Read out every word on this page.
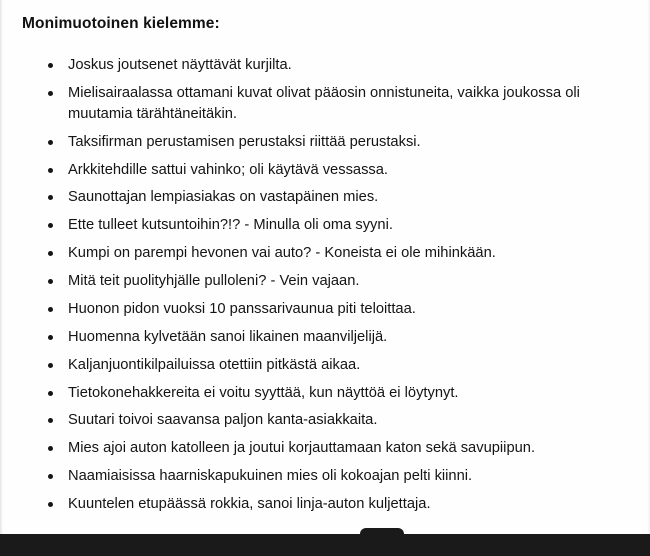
Monimuotoinen kielemme:
Joskus joutsenet näyttävät kurjilta.
Mielisairaalassa ottamani kuvat olivat pääosin onnistuneita, vaikka joukossa oli muutamia tärähtäneitäkin.
Taksifirman perustamisen perustaksi riittää perustaksi.
Arkkitehdille sattui vahinko; oli käytävä vessassa.
Saunottajan lempiasiakas on vastapäinen mies.
Ette tulleet kutsuntoihin?!? - Minulla oli oma syyni.
Kumpi on parempi hevonen vai auto? - Koneista ei ole mihinkään.
Mitä teit puolityhjälle pulloleni? - Vein vajaan.
Huonon pidon vuoksi 10 panssarivaunua piti teloittaa.
Huomenna kylvetään sanoi likainen maanviljelijä.
Kaljanjuontikilpailuissa otettiin pitkästä aikaa.
Tietokonehakkereita ei voitu syyttää, kun näyttöä ei löytynyt.
Suutari toivoi saavansa paljon kanta-asiakkaita.
Mies ajoi auton katolleen ja joutui korjauttamaan katon sekä savupiipun.
Naamiaisissa haarniskapukuinen mies oli kokoajan pelti kiinni.
Kuuntelen etupäässä rokkia, sanoi linja-auton kuljettaja.
